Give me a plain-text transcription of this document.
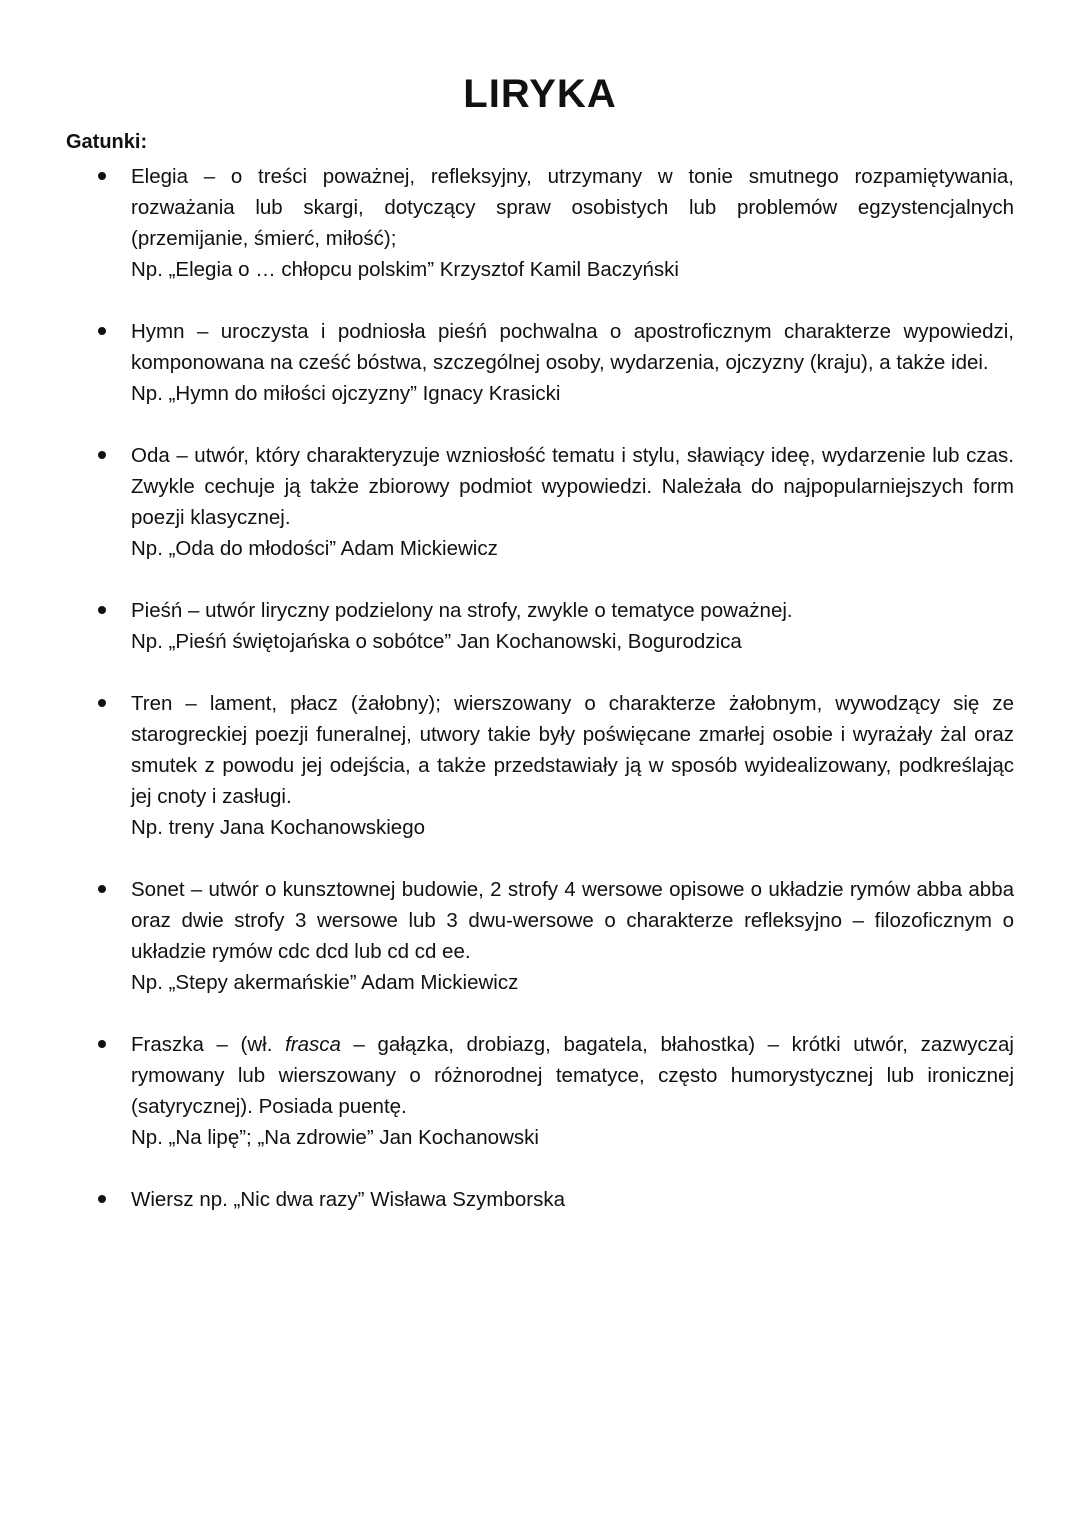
LIRYKA

Gatunki:

Elegia – o treści poważnej, refleksyjny, utrzymany w tonie smutnego rozpamiętywania, rozważania lub skargi, dotyczący spraw osobistych lub problemów egzystencjalnych (przemijanie, śmierć, miłość);

Np. „Elegia o … chłopcu polskim” Krzysztof Kamil Baczyński

Hymn – uroczysta i podniosła pieśń pochwalna o apostroficznym charakterze wypowiedzi, komponowana na cześć bóstwa, szczególnej osoby, wydarzenia, ojczyzny (kraju), a także idei.

Np. „Hymn do miłości ojczyzny” Ignacy Krasicki

Oda – utwór, który charakteryzuje wzniosłość tematu i stylu, sławiący ideę, wydarzenie lub czas. Zwykle cechuje ją także zbiorowy podmiot wypowiedzi. Należała do najpopularniejszych form poezji klasycznej.

Np. „Oda do młodości” Adam Mickiewicz

Pieśń – utwór liryczny podzielony na strofy, zwykle o tematyce poważnej.

Np. „Pieśń świętojańska o sobótce” Jan Kochanowski, Bogurodzica

Tren – lament, płacz (żałobny); wierszowany o charakterze żałobnym, wywodzący się ze starogreckiej poezji funeralnej, utwory takie były poświęcane zmarłej osobie i wyrażały żal oraz smutek z powodu jej odejścia, a także przedstawiały ją w sposób wyidealizowany, podkreślając jej cnoty i zasługi.

Np. treny Jana Kochanowskiego

Sonet – utwór o kunsztownej budowie, 2 strofy 4 wersowe opisowe o układzie rymów abba abba oraz dwie strofy 3 wersowe lub 3 dwu-wersowe o charakterze refleksyjno – filozoficznym o układzie rymów cdc dcd lub cd cd ee.

Np. „Stepy akermańskie” Adam Mickiewicz

Fraszka – (wł. frasca – gałązka, drobiazg, bagatela, błahostka) – krótki utwór, zazwyczaj rymowany lub wierszowany o różnorodnej tematyce, często humorystycznej lub ironicznej (satyrycznej). Posiada puentę.

Np. „Na lipę”; „Na zdrowie” Jan Kochanowski

Wiersz np. „Nic dwa razy” Wisława Szymborska
